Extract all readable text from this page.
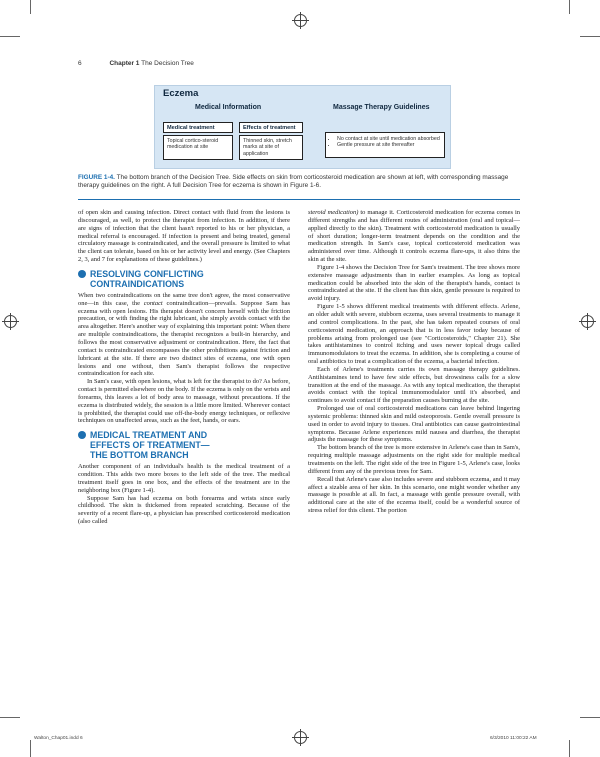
6	Chapter 1 The Decision Tree
Eczema
Medical Information	Massage Therapy Guidelines
Medical treatment	Effects of treatment
Topical cortico-steroid medication at site
Thinned skin, stretch marks at site of application
• No contact at site until medication absorbed
• Gentle pressure at site thereafter
FIGURE 1-4. The bottom branch of the Decision Tree. Side effects on skin from corticosteroid medication are shown at left, with corresponding massage therapy guidelines on the right. A full Decision Tree for eczema is shown in Figure 1-6.

of open skin and causing infection. Direct contact with fluid from the lesions is discouraged, as well, to protect the therapist from infection. In addition, if there are signs of infection that the client hasn't reported to his or her physician, a medical referral is encouraged. If infection is present and being treated, general circulatory massage is contraindicated, and the overall pressure is limited to what the client can tolerate, based on his or her activity level and energy. (See Chapters 2, 3, and 7 for explanations of these guidelines.)

RESOLVING CONFLICTING
CONTRAINDICATIONS

When two contraindications on the same tree don't agree, the most conservative one—in this case, the contact contraindication—prevails. Suppose Sam has eczema with open lesions. His therapist doesn't concern herself with the friction precaution, or with finding the right lubricant, she simply avoids contact with the area altogether. Here's another way of explaining this important point: When there are multiple contraindications, the therapist recognizes a built-in hierarchy, and follows the most conservative adjustment or contraindication. Here, the fact that contact is contraindicated encompasses the other prohibitions against friction and lubricant at the site. If there are two distinct sites of eczema, one with open lesions and one without, then Sam's therapist follows the respective contraindication for each site.

In Sam's case, with open lesions, what is left for the therapist to do? As before, contact is permitted elsewhere on the body. If the eczema is only on the wrists and forearms, this leaves a lot of body area to massage, without precautions. If the eczema is distributed widely, the session is a little more limited. Wherever contact is prohibited, the therapist could use off-the-body energy techniques, or reflexive techniques on unaffected areas, such as the feet, hands, or ears.

MEDICAL TREATMENT AND
EFFECTS OF TREATMENT—
THE BOTTOM BRANCH

Another component of an individual's health is the medical treatment of a condition. This adds two more boxes to the left side of the tree. The medical treatment itself goes in one box, and the effects of the treatment are in the neighboring box (Figure 1-4).

Suppose Sam has had eczema on both forearms and wrists since early childhood. The skin is thickened from repeated scratching. Because of the severity of a recent flare-up, a physician has prescribed corticosteroid medication (also called

steroid medication) to manage it. Corticosteroid medication for eczema comes in different strengths and has different routes of administration (oral and topical—applied directly to the skin). Treatment with corticosteroid medication is usually of short duration; longer-term treatment depends on the condition and the medication strength. In Sam's case, topical corticosteroid medication was administered over time. Although it controls eczema flare-ups, it also thins the skin at the site.

Figure 1-4 shows the Decision Tree for Sam's treatment. The tree shows more extensive massage adjustments than in earlier examples. As long as topical medication could be absorbed into the skin of the therapist's hands, contact is contraindicated at the site. If the client has thin skin, gentle pressure is required to avoid injury.

Figure 1-5 shows different medical treatments with different effects. Arlene, an older adult with severe, stubborn eczema, uses several treatments to manage it and control complications. In the past, she has taken repeated courses of oral corticosteroid medication, an approach that is in less favor today because of problems arising from prolonged use (see "Corticosteroids," Chapter 21). She takes antihistamines to control itching and uses newer topical drugs called immunomodulators to treat the eczema. In addition, she is completing a course of oral antibiotics to treat a complication of the eczema, a bacterial infection.

Each of Arlene's treatments carries its own massage therapy guidelines. Antihistamines tend to have few side effects, but drowsiness calls for a slow transition at the end of the massage. As with any topical medication, the therapist avoids contact with the topical immunomodulator until it's absorbed, and continues to avoid contact if the preparation causes burning at the site.

Prolonged use of oral corticosteroid medications can leave behind lingering systemic problems: thinned skin and mild osteoporosis. Gentle overall pressure is used in order to avoid injury to tissues. Oral antibiotics can cause gastrointestinal symptoms. Because Arlene experiences mild nausea and diarrhea, the therapist adjusts the massage for these symptoms.

The bottom branch of the tree is more extensive in Arlene's case than in Sam's, requiring multiple massage adjustments on the right side for multiple medical treatments on the left. The right side of the tree in Figure 1-5, Arlene's case, looks different from any of the previous trees for Sam.

Recall that Arlene's case also includes severe and stubborn eczema, and it may affect a sizable area of her skin. In this scenario, one might wonder whether any massage is possible at all. In fact, a massage with gentle pressure overall, with additional care at the site of the eczema itself, could be a wonderful source of stress relief for this client. The portion

Walton_Chap01.indd 6	6/3/2010 11:00:22 AM
